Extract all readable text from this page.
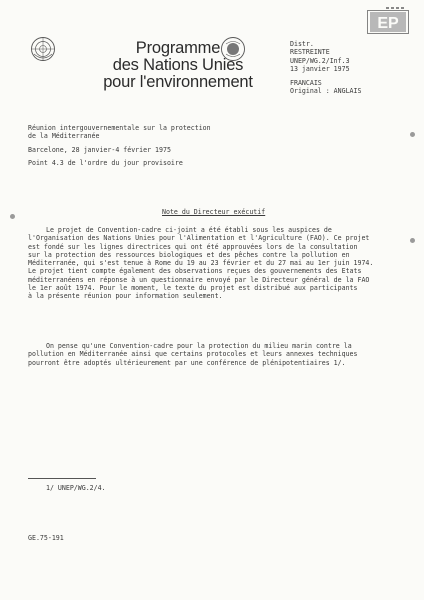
Programme
des Nations Unies
pour l'environnement
EP
Distr.
RESTREINTE
UNEP/WG.2/Inf.3
13 janvier 1975
FRANCAIS
Original : ANGLAIS
Réunion intergouvernementale sur la protection
de la Méditerranée
Barcelone, 28 janvier-4 février 1975
Point 4.3 de l'ordre du jour provisoire
Note du Directeur exécutif
Le projet de Convention-cadre ci-joint a été établi sous les auspices de
l'Organisation des Nations Unies pour l'Alimentation et l'Agriculture (FAO). Ce projet
est fondé sur les lignes directrices qui ont été approuvées lors de la consultation
sur la protection des ressources biologiques et des pêches contre la pollution en
Méditerranée, qui s'est tenue à Rome du 19 au 23 février et du 27 mai au 1er juin 1974.
Le projet tient compte également des observations reçues des gouvernements des Etats
méditerranéens en réponse à un questionnaire envoyé par le Directeur général de la FAO
le 1er août 1974. Pour le moment, le texte du projet est distribué aux participants
à la présente réunion pour information seulement.
On pense qu'une Convention-cadre pour la protection du milieu marin contre la
pollution en Méditerranée ainsi que certains protocoles et leurs annexes techniques
pourront être adoptés ultérieurement par une conférence de plénipotentiaires 1/.
1/ UNEP/WG.2/4.
GE.75-191
